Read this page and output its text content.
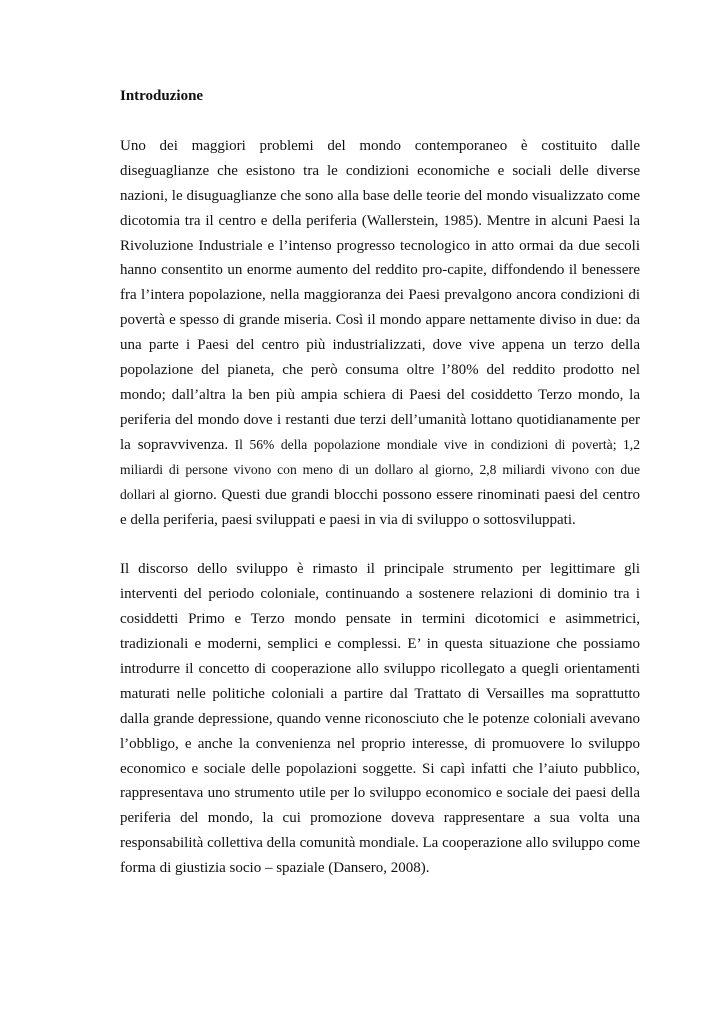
Introduzione

Uno dei maggiori problemi del mondo contemporaneo è costituito dalle diseguaglianze che esistono tra le condizioni economiche e sociali delle diverse nazioni, le disuguaglianze che sono alla base delle teorie del mondo visualizzato come dicotomia tra il centro e della periferia (Wallerstein, 1985). Mentre in alcuni Paesi la Rivoluzione Industriale e l’intenso progresso tecnologico in atto ormai da due secoli hanno consentito un enorme aumento del reddito pro-capite, diffondendo il benessere fra l’intera popolazione, nella maggioranza dei Paesi prevalgono ancora condizioni di povertà e spesso di grande miseria. Così il mondo appare nettamente diviso in due: da una parte i Paesi del centro più industrializzati, dove vive appena un terzo della popolazione del pianeta, che però consuma oltre l’80% del reddito prodotto nel mondo; dall’altra la ben più ampia schiera di Paesi del cosiddetto Terzo mondo, la periferia del mondo dove i restanti due terzi dell’umanità lottano quotidianamente per la sopravvivenza. Il 56% della popolazione mondiale vive in condizioni di povertà; 1,2 miliardi di persone vivono con meno di un dollaro al giorno, 2,8 miliardi vivono con due dollari al giorno. Questi due grandi blocchi possono essere rinominati paesi del centro e della periferia, paesi sviluppati e paesi in via di sviluppo o sottosviluppati.

Il discorso dello sviluppo è rimasto il principale strumento per legittimare gli interventi del periodo coloniale, continuando a sostenere relazioni di dominio tra i cosiddetti Primo e Terzo mondo pensate in termini dicotomici e asimmetrici, tradizionali e moderni, semplici e complessi. E’ in questa situazione che possiamo introdurre il concetto di cooperazione allo sviluppo ricollegato a quegli orientamenti maturati nelle politiche coloniali a partire dal Trattato di Versailles ma soprattutto dalla grande depressione, quando venne riconosciuto che le potenze coloniali avevano l’obbligo, e anche la convenienza nel proprio interesse, di promuovere lo sviluppo economico e sociale delle popolazioni soggette. Si capì infatti che l’aiuto pubblico, rappresentava uno strumento utile per lo sviluppo economico e sociale dei paesi della periferia del mondo, la cui promozione doveva rappresentare a sua volta una responsabilità collettiva della comunità mondiale. La cooperazione allo sviluppo come forma di giustizia socio – spaziale (Dansero, 2008).
